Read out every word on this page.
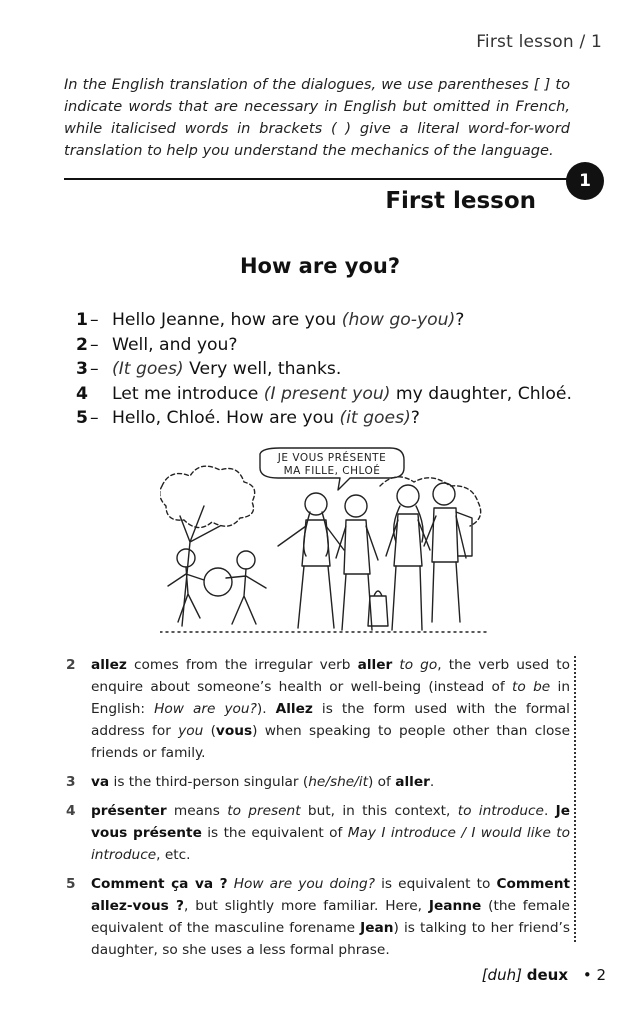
First lesson / 1
In the English translation of the dialogues, we use parentheses [ ] to indicate words that are necessary in English but omitted in French, while italicised words in brackets ( ) give a literal word-for-word translation to help you understand the mechanics of the language.
1
First lesson
How are you?
1 – Hello Jeanne, how are you (how go-you)?
2 – Well, and you?
3 – (It goes) Very well, thanks.
4 Let me introduce (I present you) my daughter, Chloé.
5 – Hello, Chloé. How are you (it goes)?
JE VOUS PRÉSENTE
MA FILLE, CHLOÉ
2	allez comes from the irregular verb aller to go, the verb used to enquire about someone’s health or well-being (instead of to be in English: How are you?). Allez is the form used with the formal address for you (vous) when speaking to people other than close friends or family.
3	va is the third-person singular (he/she/it) of aller.
4	présenter means to present but, in this context, to introduce. Je vous présente is the equivalent of May I introduce / I would like to introduce, etc.
5	Comment ça va ? How are you doing? is equivalent to Comment allez-vous ?, but slightly more familiar. Here, Jeanne (the female equivalent of the masculine forename Jean) is talking to her friend’s daughter, so she uses a less formal phrase.
[duh] deux • 2
